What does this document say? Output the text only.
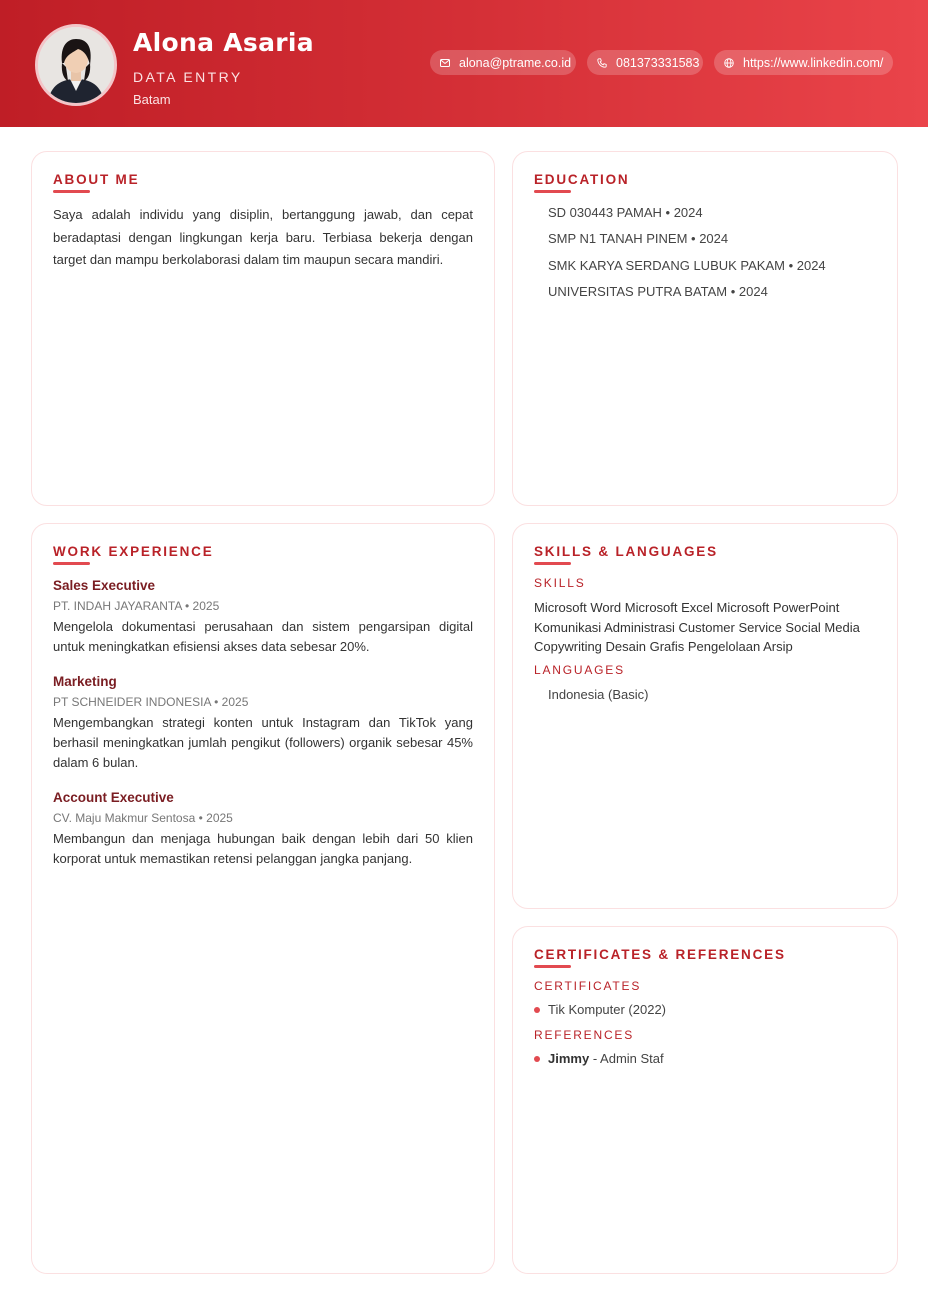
Alona Asaria
DATA ENTRY
Batam
alona@ptrame.co.id	081373331583	https://www.linkedin.com/
ABOUT ME
Saya adalah individu yang disiplin, bertanggung jawab, dan cepat beradaptasi dengan lingkungan kerja baru. Terbiasa bekerja dengan target dan mampu berkolaborasi dalam tim maupun secara mandiri.
EDUCATION
SD 030443 PAMAH • 2024
SMP N1 TANAH PINEM • 2024
SMK KARYA SERDANG LUBUK PAKAM • 2024
UNIVERSITAS PUTRA BATAM • 2024
WORK EXPERIENCE
Sales Executive
PT. INDAH JAYARANTA • 2025
Mengelola dokumentasi perusahaan dan sistem pengarsipan digital untuk meningkatkan efisiensi akses data sebesar 20%.
Marketing
PT SCHNEIDER INDONESIA • 2025
Mengembangkan strategi konten untuk Instagram dan TikTok yang berhasil meningkatkan jumlah pengikut (followers) organik sebesar 45% dalam 6 bulan.
Account Executive
CV. Maju Makmur Sentosa • 2025
Membangun dan menjaga hubungan baik dengan lebih dari 50 klien korporat untuk memastikan retensi pelanggan jangka panjang.
SKILLS & LANGUAGES
SKILLS
Microsoft Word Microsoft Excel Microsoft PowerPoint Komunikasi Administrasi Customer Service Social Media Copywriting Desain Grafis Pengelolaan Arsip
LANGUAGES
Indonesia (Basic)
CERTIFICATES & REFERENCES
CERTIFICATES
Tik Komputer (2022)
REFERENCES
Jimmy - Admin Staf
